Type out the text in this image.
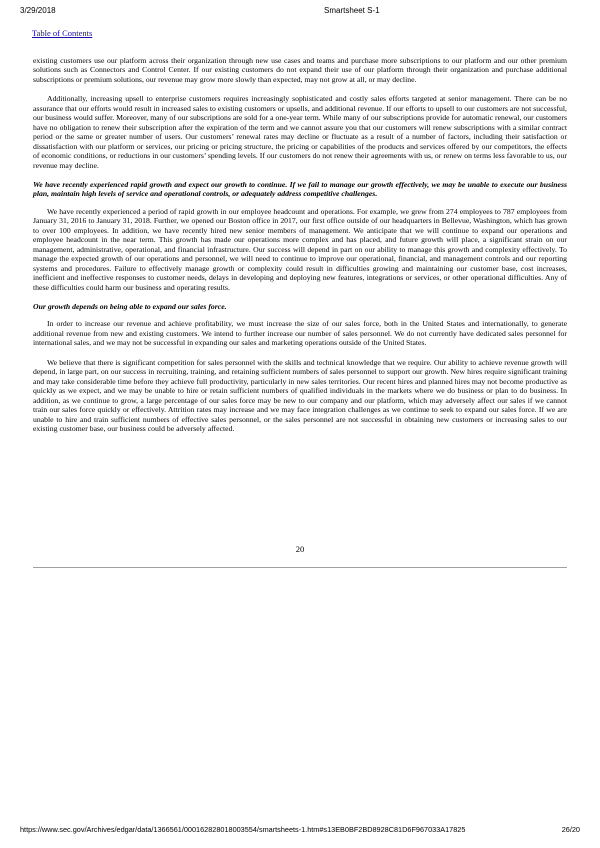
3/29/2018	Smartsheet S-1
Table of Contents

existing customers use our platform across their organization through new use cases and teams and purchase more subscriptions to our platform and our other premium solutions such as Connectors and Control Center. If our existing customers do not expand their use of our platform through their organization and purchase additional subscriptions or premium solutions, our revenue may grow more slowly than expected, may not grow at all, or may decline.

Additionally, increasing upsell to enterprise customers requires increasingly sophisticated and costly sales efforts targeted at senior management. There can be no assurance that our efforts would result in increased sales to existing customers or upsells, and additional revenue. If our efforts to upsell to our customers are not successful, our business would suffer. Moreover, many of our subscriptions are sold for a one-year term. While many of our subscriptions provide for automatic renewal, our customers have no obligation to renew their subscription after the expiration of the term and we cannot assure you that our customers will renew subscriptions with a similar contract period or the same or greater number of users. Our customers’ renewal rates may decline or fluctuate as a result of a number of factors, including their satisfaction or dissatisfaction with our platform or services, our pricing or pricing structure, the pricing or capabilities of the products and services offered by our competitors, the effects of economic conditions, or reductions in our customers’ spending levels. If our customers do not renew their agreements with us, or renew on terms less favorable to us, our revenue may decline.

We have recently experienced rapid growth and expect our growth to continue. If we fail to manage our growth effectively, we may be unable to execute our business plan, maintain high levels of service and operational controls, or adequately address competitive challenges.

We have recently experienced a period of rapid growth in our employee headcount and operations. For example, we grew from 274 employees to 787 employees from January 31, 2016 to January 31, 2018. Further, we opened our Boston office in 2017, our first office outside of our headquarters in Bellevue, Washington, which has grown to over 100 employees. In addition, we have recently hired new senior members of management. We anticipate that we will continue to expand our operations and employee headcount in the near term. This growth has made our operations more complex and has placed, and future growth will place, a significant strain on our management, administrative, operational, and financial infrastructure. Our success will depend in part on our ability to manage this growth and complexity effectively. To manage the expected growth of our operations and personnel, we will need to continue to improve our operational, financial, and management controls and our reporting systems and procedures. Failure to effectively manage growth or complexity could result in difficulties growing and maintaining our customer base, cost increases, inefficient and ineffective responses to customer needs, delays in developing and deploying new features, integrations or services, or other operational difficulties. Any of these difficulties could harm our business and operating results.

Our growth depends on being able to expand our sales force.

In order to increase our revenue and achieve profitability, we must increase the size of our sales force, both in the United States and internationally, to generate additional revenue from new and existing customers. We intend to further increase our number of sales personnel. We do not currently have dedicated sales personnel for international sales, and we may not be successful in expanding our sales and marketing operations outside of the United States.

We believe that there is significant competition for sales personnel with the skills and technical knowledge that we require. Our ability to achieve revenue growth will depend, in large part, on our success in recruiting, training, and retaining sufficient numbers of sales personnel to support our growth. New hires require significant training and may take considerable time before they achieve full productivity, particularly in new sales territories. Our recent hires and planned hires may not become productive as quickly as we expect, and we may be unable to hire or retain sufficient numbers of qualified individuals in the markets where we do business or plan to do business. In addition, as we continue to grow, a large percentage of our sales force may be new to our company and our platform, which may adversely affect our sales if we cannot train our sales force quickly or effectively. Attrition rates may increase and we may face integration challenges as we continue to seek to expand our sales force. If we are unable to hire and train sufficient numbers of effective sales personnel, or the sales personnel are not successful in obtaining new customers or increasing sales to our existing customer base, our business could be adversely affected.

20
https://www.sec.gov/Archives/edgar/data/1366561/000162828018003554/smartsheets-1.htm#s13EB0BF2BD8928C81D6F967033A17825	26/20
